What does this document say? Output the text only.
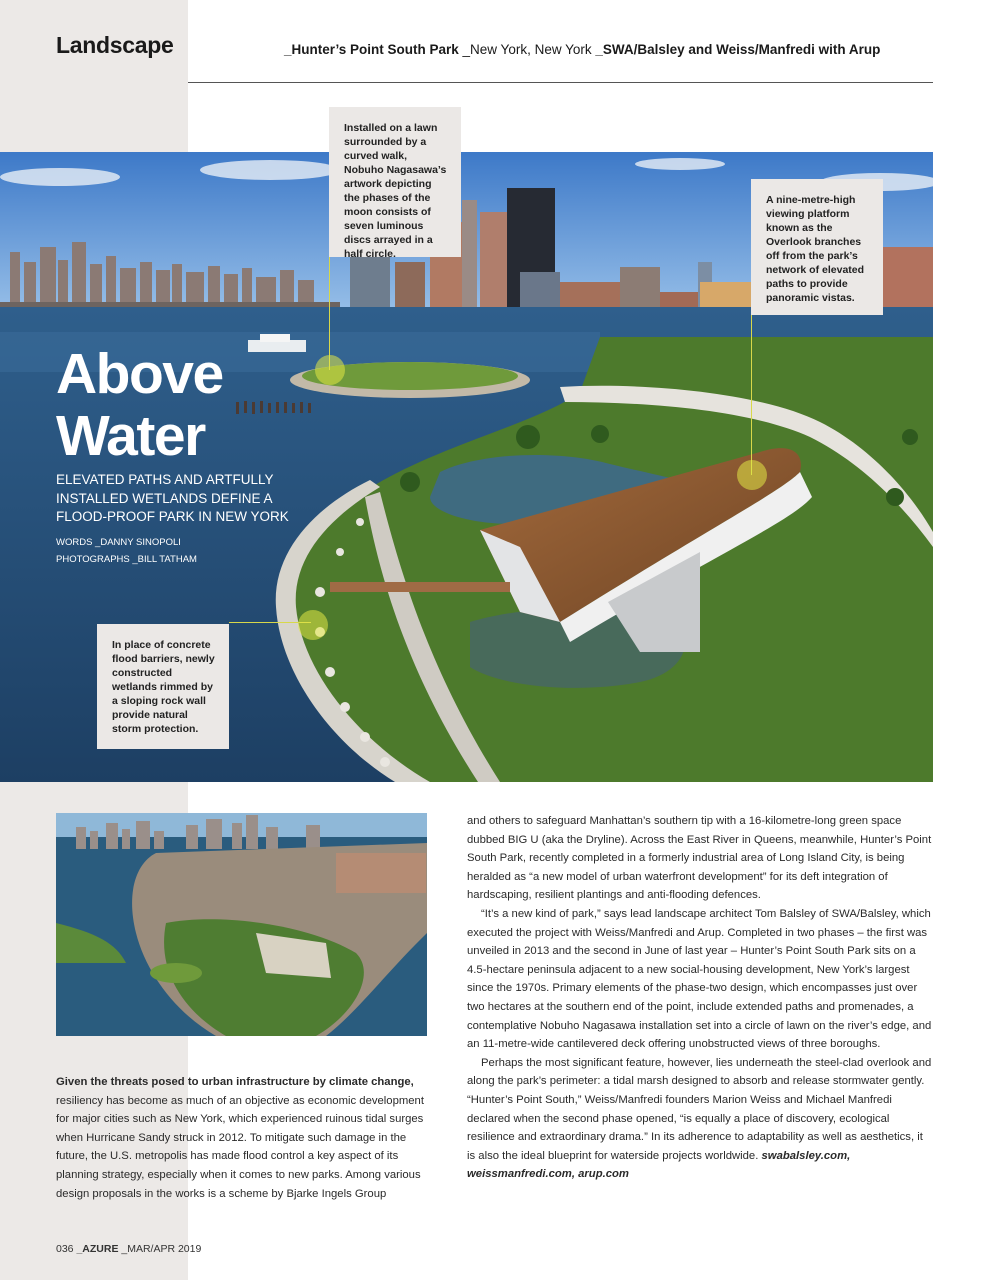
Landscape	_Hunter’s Point South Park _New York, New York _SWA/Balsley and Weiss/Manfredi with Arup
Above
Water
ELEVATED PATHS AND ARTFULLY INSTALLED WETLANDS DEFINE A FLOOD-PROOF PARK IN NEW YORK
WORDS _DANNY SINOPOLI
PHOTOGRAPHS _BILL TATHAM
Installed on a lawn surrounded by a curved walk, Nobuho Nagasawa’s artwork depicting the phases of the moon consists of seven luminous discs arrayed in a half circle.
A nine-metre-high viewing platform known as the Overlook branches off from the park’s network of elevated paths to provide panoramic vistas.
In place of concrete flood barriers, newly constructed wetlands rimmed by a sloping rock wall provide natural storm protection.

Given the threats posed to urban infrastructure by climate change, resiliency has become as much of an objective as economic development for major cities such as New York, which experienced ruinous tidal surges when Hurricane Sandy struck in 2012. To mitigate such damage in the future, the U.S. metropolis has made flood control a key aspect of its planning strategy, especially when it comes to new parks. Among various design proposals in the works is a scheme by Bjarke Ingels Group

and others to safeguard Manhattan’s southern tip with a 16-kilometre-long green space dubbed BIG U (aka the Dryline). Across the East River in Queens, meanwhile, Hunter’s Point South Park, recently completed in a formerly industrial area of Long Island City, is being heralded as “a new model of urban waterfront development” for its deft integration of hardscaping, resilient plantings and anti-flooding defences.

“It’s a new kind of park,” says lead landscape architect Tom Balsley of SWA/Balsley, which executed the project with Weiss/Manfredi and Arup. Completed in two phases – the first was unveiled in 2013 and the second in June of last year – Hunter’s Point South Park sits on a 4.5-hectare peninsula adjacent to a new social-housing development, New York’s largest since the 1970s. Primary elements of the phase-two design, which encompasses just over two hectares at the southern end of the point, include extended paths and promenades, a contemplative Nobuho Nagasawa installation set into a circle of lawn on the river’s edge, and an 11-metre-wide cantilevered deck offering unobstructed views of three boroughs.

Perhaps the most significant feature, however, lies underneath the steel-clad overlook and along the park’s perimeter: a tidal marsh designed to absorb and release stormwater gently. “Hunter’s Point South,” Weiss/Manfredi founders Marion Weiss and Michael Manfredi declared when the second phase opened, “is equally a place of discovery, ecological resilience and extraordinary drama.” In its adherence to adaptability as well as aesthetics, it is also the ideal blueprint for waterside projects worldwide. swabalsley.com, weissmanfredi.com, arup.com

036 _AZURE _MAR/APR 2019
